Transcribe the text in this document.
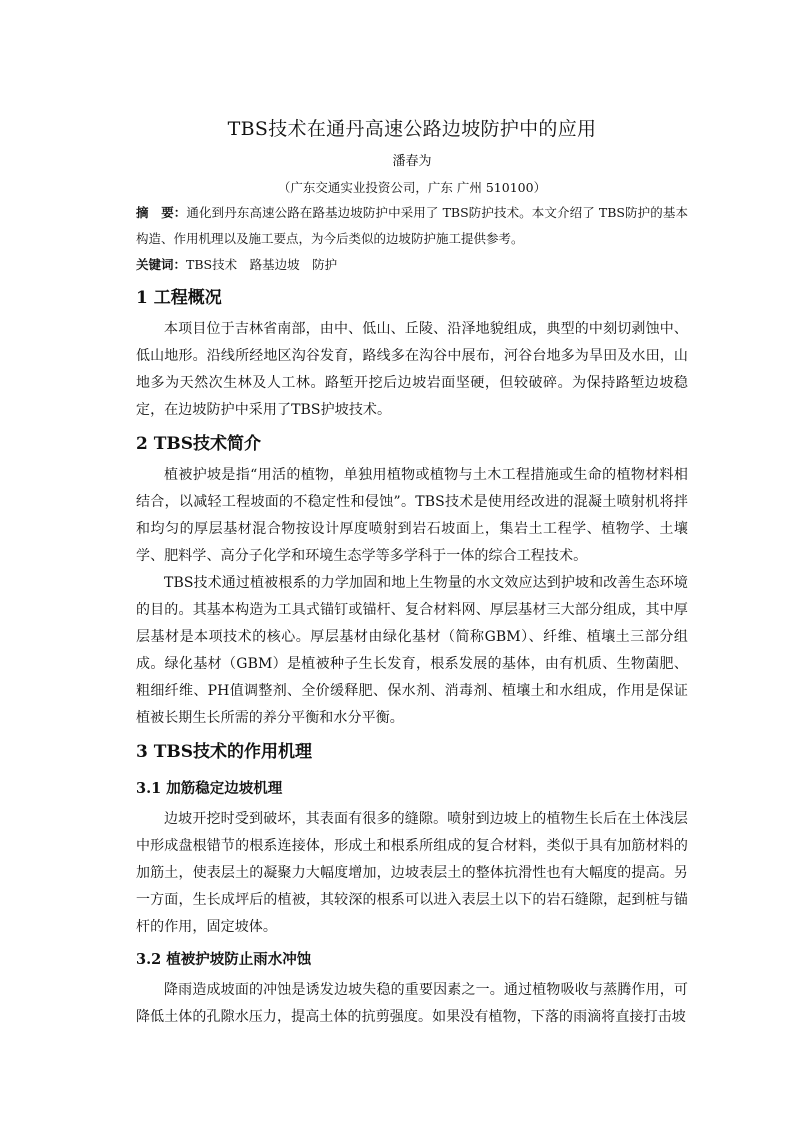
TBS技术在通丹高速公路边坡防护中的应用

潘春为

（广东交通实业投资公司，广东 广州 510100）

摘　要：通化到丹东高速公路在路基边坡防护中采用了 TBS防护技术。本文介绍了 TBS防护的基本构造、作用机理以及施工要点，为今后类似的边坡防护施工提供参考。

关键词：TBS技术　路基边坡　防护

1 工程概况

本项目位于吉林省南部，由中、低山、丘陵、沿泽地貌组成，典型的中刻切剥蚀中、低山地形。沿线所经地区沟谷发育，路线多在沟谷中展布，河谷台地多为旱田及水田，山地多为天然次生林及人工林。路堑开挖后边坡岩面坚硬，但较破碎。为保持路堑边坡稳定，在边坡防护中采用了TBS护坡技术。

2 TBS技术简介

植被护坡是指“用活的植物，单独用植物或植物与土木工程措施或生命的植物材料相结合，以减轻工程坡面的不稳定性和侵蚀”。TBS技术是使用经改进的混凝土喷射机将拌和均匀的厚层基材混合物按设计厚度喷射到岩石坡面上，集岩土工程学、植物学、土壤学、肥料学、高分子化学和环境生态学等多学科于一体的综合工程技术。

TBS技术通过植被根系的力学加固和地上生物量的水文效应达到护坡和改善生态环境的目的。其基本构造为工具式锚钉或锚杆、复合材料网、厚层基材三大部分组成，其中厚层基材是本项技术的核心。厚层基材由绿化基材（简称GBM）、纤维、植壤土三部分组成。绿化基材（GBM）是植被种子生长发育，根系发展的基体，由有机质、生物菌肥、粗细纤维、PH值调整剂、全价缓释肥、保水剂、消毒剂、植壤土和水组成，作用是保证植被长期生长所需的养分平衡和水分平衡。

3 TBS技术的作用机理
3.1 加筋稳定边坡机理

边坡开挖时受到破坏，其表面有很多的缝隙。喷射到边坡上的植物生长后在土体浅层中形成盘根错节的根系连接体，形成土和根系所组成的复合材料，类似于具有加筋材料的加筋土，使表层土的凝聚力大幅度增加，边坡表层土的整体抗滑性也有大幅度的提高。另一方面，生长成坪后的植被，其较深的根系可以进入表层土以下的岩石缝隙，起到桩与锚杆的作用，固定坡体。

3.2 植被护坡防止雨水冲蚀

降雨造成坡面的冲蚀是诱发边坡失稳的重要因素之一。通过植物吸收与蒸腾作用，可降低土体的孔隙水压力，提高土体的抗剪强度。如果没有植物，下落的雨滴将直接打击坡
